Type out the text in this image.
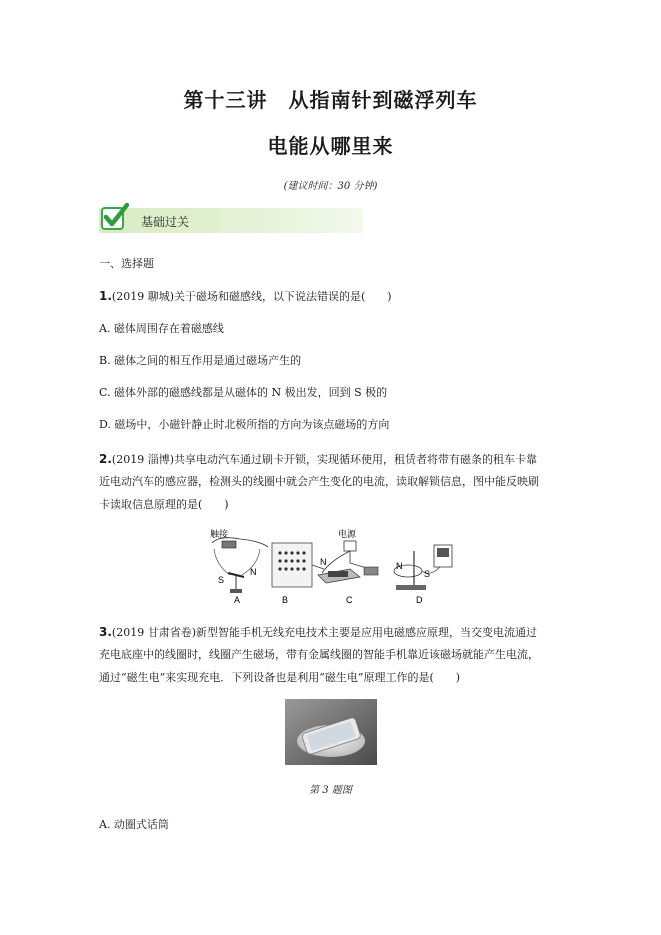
第十三讲　从指南针到磁浮列车
电能从哪里来
(建议时间：30 分钟)
基础过关
一、选择题
1.(2019 聊城)关于磁场和磁感线，以下说法错误的是(　　)
A. 磁体周围存在着磁感线
B. 磁体之间的相互作用是通过磁场产生的
C. 磁体外部的磁感线都是从磁体的 N 极出发，回到 S 极的
D. 磁场中，小磁针静止时北极所指的方向为该点磁场的方向
2.(2019 淄博)共享电动汽车通过刷卡开锁，实现循环使用，租赁者将带有磁条的租车卡靠
近电动汽车的感应器，检测头的线圈中就会产生变化的电流，读取解锁信息，图中能反映刷
卡读取信息原理的是(　　)
触接
S
N
N
电源
N
S
A	B	C	D
3.(2019 甘肃省卷)新型智能手机无线充电技术主要是应用电磁感应原理，当交变电流通过
充电底座中的线圈时，线圈产生磁场，带有金属线圈的智能手机靠近该磁场就能产生电流，
通过“磁生电”来实现充电．下列设备也是利用“磁生电”原理工作的是(　　)
第 3 题图
A. 动圈式话筒
